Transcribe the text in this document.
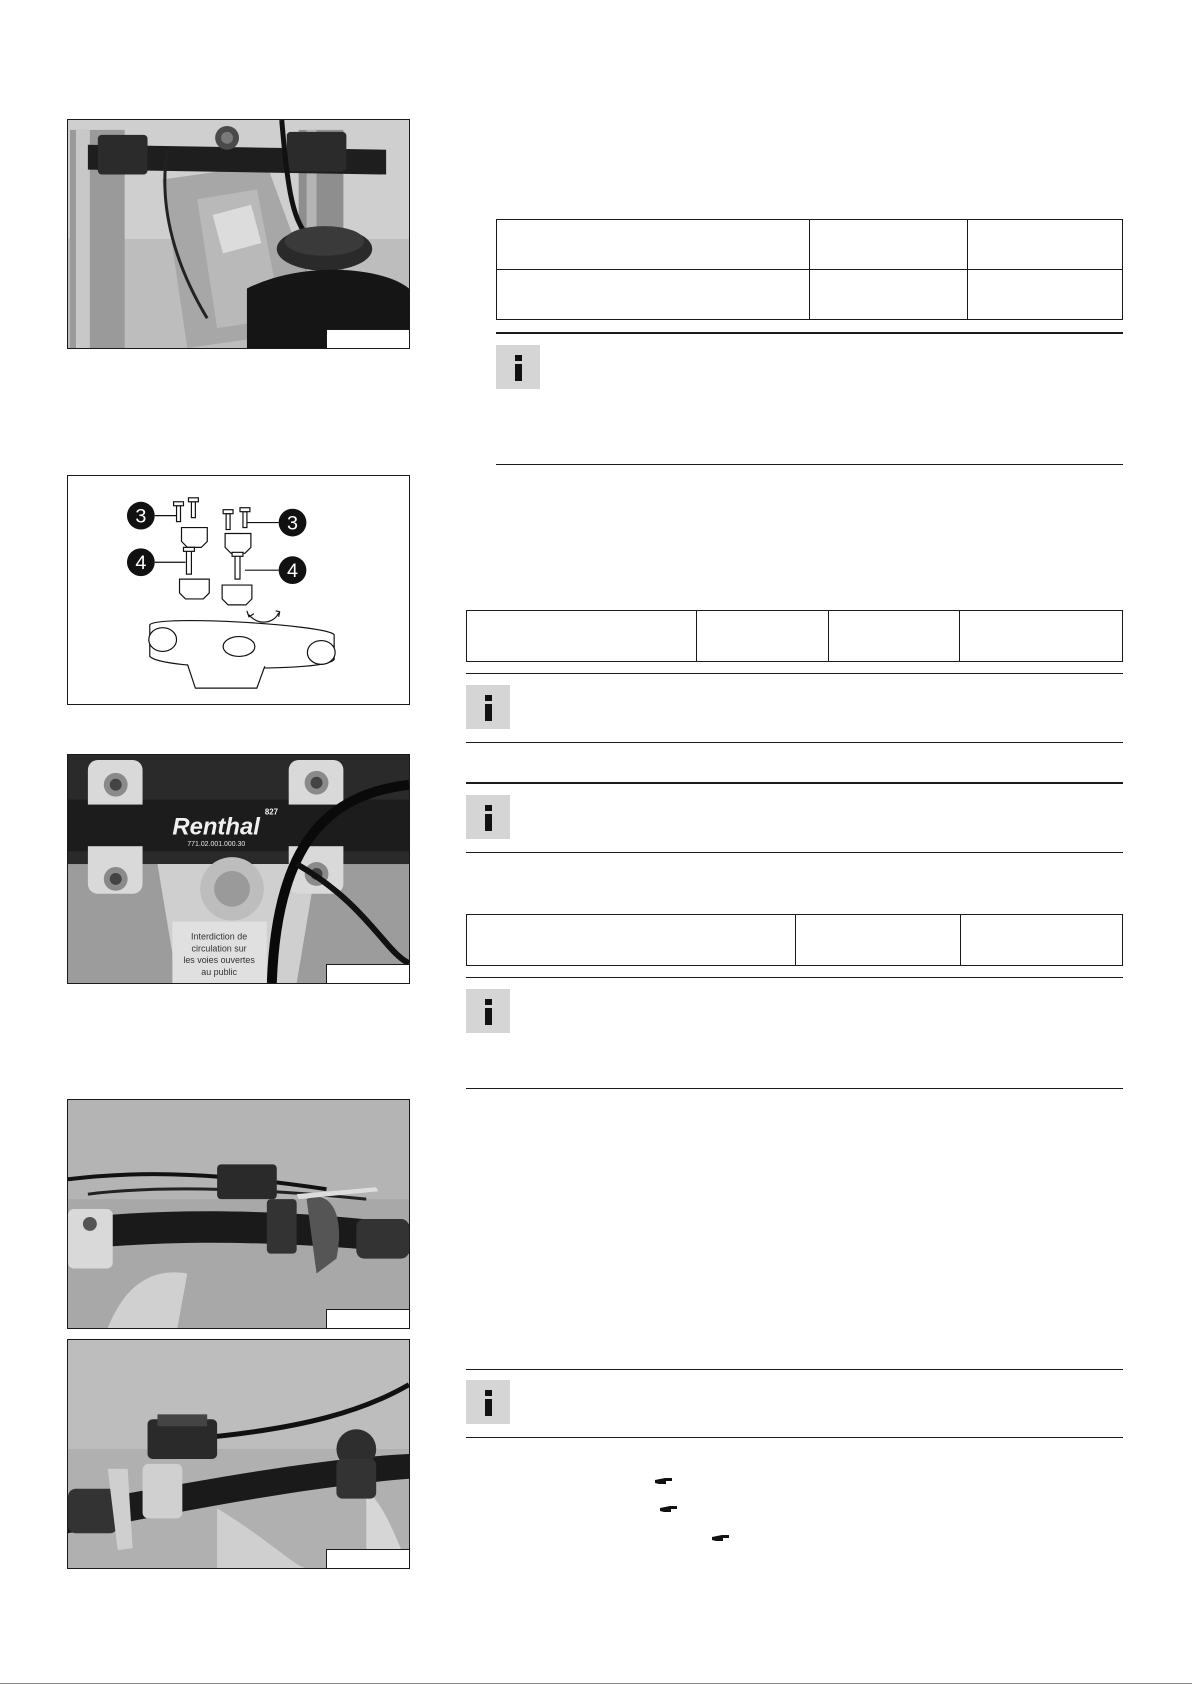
3	3
4	4
Renthal
827
771.02.001.000.30
Interdiction de
circulation sur
les voies ouvertes
au public
